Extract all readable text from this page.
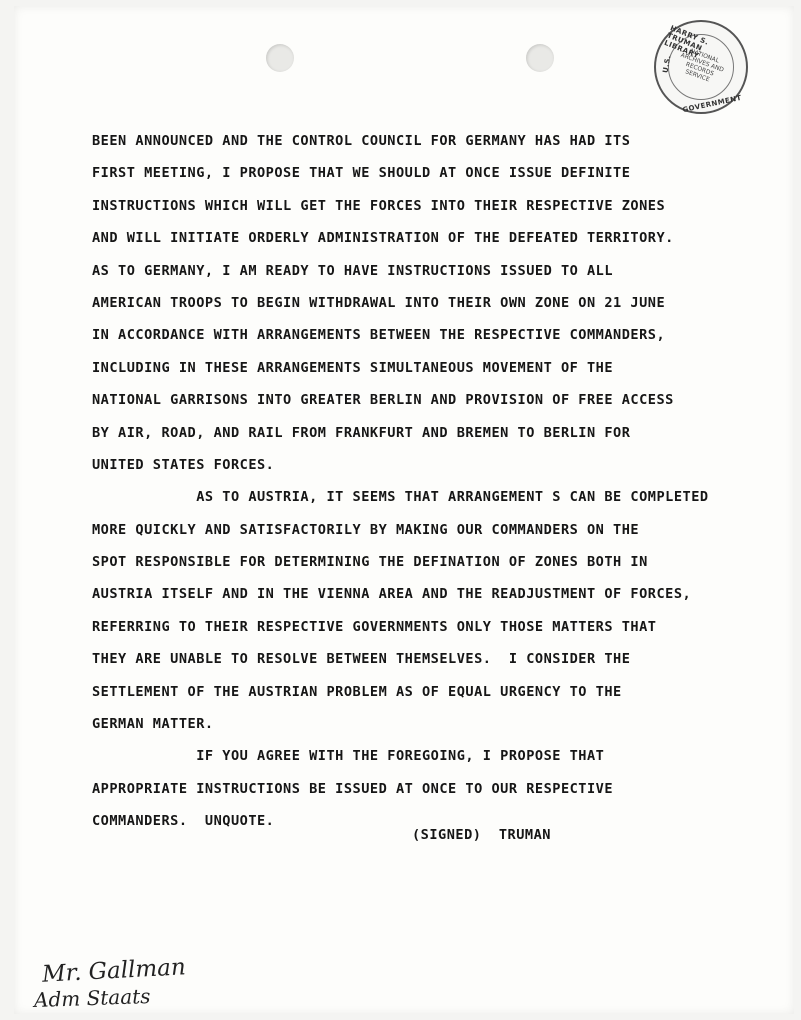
HARRY S. TRUMAN LIBRARY
U.S.	NATIONAL ARCHIVES AND RECORDS SERVICE
GOVERNMENT
BEEN ANNOUNCED AND THE CONTROL COUNCIL FOR GERMANY HAS HAD ITS
FIRST MEETING, I PROPOSE THAT WE SHOULD AT ONCE ISSUE DEFINITE
INSTRUCTIONS WHICH WILL GET THE FORCES INTO THEIR RESPECTIVE ZONES
AND WILL INITIATE ORDERLY ADMINISTRATION OF THE DEFEATED TERRITORY.
AS TO GERMANY, I AM READY TO HAVE INSTRUCTIONS ISSUED TO ALL
AMERICAN TROOPS TO BEGIN WITHDRAWAL INTO THEIR OWN ZONE ON 21 JUNE
IN ACCORDANCE WITH ARRANGEMENTS BETWEEN THE RESPECTIVE COMMANDERS,
INCLUDING IN THESE ARRANGEMENTS SIMULTANEOUS MOVEMENT OF THE
NATIONAL GARRISONS INTO GREATER BERLIN AND PROVISION OF FREE ACCESS
BY AIR, ROAD, AND RAIL FROM FRANKFURT AND BREMEN TO BERLIN FOR
UNITED STATES FORCES.
AS TO AUSTRIA, IT SEEMS THAT ARRANGEMENT S CAN BE COMPLETED
MORE QUICKLY AND SATISFACTORILY BY MAKING OUR COMMANDERS ON THE
SPOT RESPONSIBLE FOR DETERMINING THE DEFINATION OF ZONES BOTH IN
AUSTRIA ITSELF AND IN THE VIENNA AREA AND THE READJUSTMENT OF FORCES,
REFERRING TO THEIR RESPECTIVE GOVERNMENTS ONLY THOSE MATTERS THAT
THEY ARE UNABLE TO RESOLVE BETWEEN THEMSELVES.  I CONSIDER THE
SETTLEMENT OF THE AUSTRIAN PROBLEM AS OF EQUAL URGENCY TO THE
GERMAN MATTER.
IF YOU AGREE WITH THE FOREGOING, I PROPOSE THAT
APPROPRIATE INSTRUCTIONS BE ISSUED AT ONCE TO OUR RESPECTIVE
COMMANDERS.  UNQUOTE.
(SIGNED)  TRUMAN
Mr. Gallman
Adm Staats
